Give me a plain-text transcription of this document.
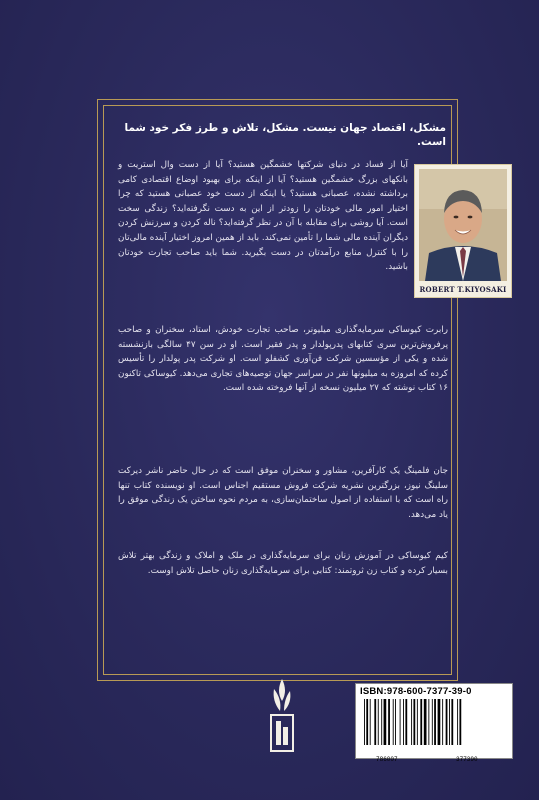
مشکل، اقتصاد جهان نیست. مشکل، تلاش و طرز فکر خود شما است.

ROBERT T.KIYOSAKI

آیا از فساد در دنیای شرکتها خشمگین هستید؟ آیا از دست وال استریت و بانکهای بزرگ خشمگین هستید؟ آیا از اینکه برای بهبود اوضاع اقتصادی کامی برداشته نشده، عصبانی هستید؟ یا اینکه از دست خود عصبانی هستید که چرا اختیار امور مالی خودتان را زودتر از این به دست نگرفته‌اید؟ زندگی سخت است. آیا روشی برای مقابله با آن در نظر گرفته‌اید؟ ناله کردن و سرزنش کردن دیگران آینده مالی شما را تأمین نمی‌کند. باید از همین امروز اختیار آینده مالی‌تان را با کنترل منابع درآمدتان در دست بگیرید. شما باید صاحب تجارت خودتان باشید.

رابرت کیوساکی سرمایه‌گذاری میلیونر، صاحب تجارت خودش، استاد، سخنران و صاحب پرفروش‌ترین سری کتابهای پدرپولدار و پدر فقیر است. او در سن ۴۷ سالگی بازنشسته شده و یکی از مؤسسین شرکت فن‌آوری کشفلو است. او شرکت پدر پولدار را تأسیس کرده که امروزه به میلیونها نفر در سراسر جهان توصیه‌های تجاری می‌دهد. کیوساکی تاکنون ۱۶ کتاب نوشته که ۲۷ میلیون نسخه از آنها فروخته شده است.

جان فلمینگ یک کارآفرین، مشاور و سخنران موفق است که در حال حاضر ناشر دیرکت سلینگ نیوز، بزرگترین نشریه شرکت فروش مستقیم اجناس است. او نویسنده کتاب تنها راه است که با استفاده از اصول ساختمان‌سازی، به مردم نحوه ساختن یک زندگی موفق را یاد می‌دهد.

کیم کیوساکی در آموزش زنان برای سرمایه‌گذاری در ملک و املاک و زندگی بهتر تلاش بسیار کرده و کتاب زن ثروتمند: کتابی برای سرمایه‌گذاری زنان حاصل تلاش اوست.

ISBN:978-600-7377-39-0
786007	377390
